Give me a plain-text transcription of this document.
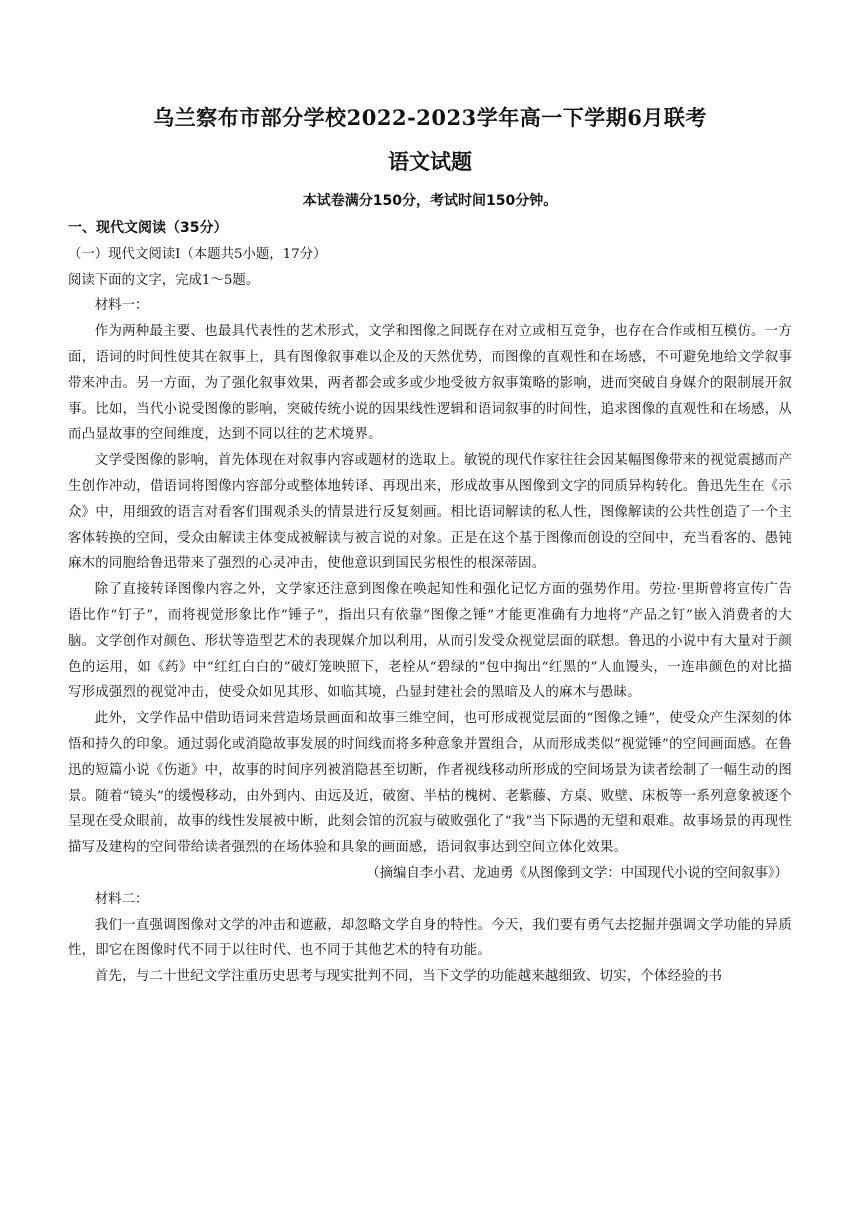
乌兰察布市部分学校2022-2023学年高一下学期6月联考
语文试题
本试卷满分150分，考试时间150分钟。

一、现代文阅读（35分）

（一）现代文阅读Ⅰ（本题共5小题，17分）

阅读下面的文字，完成1～5题。

材料一：

作为两种最主要、也最具代表性的艺术形式，文学和图像之间既存在对立或相互竞争，也存在合作或相互模仿。一方面，语词的时间性使其在叙事上，具有图像叙事难以企及的天然优势，而图像的直观性和在场感，不可避免地给文学叙事带来冲击。另一方面，为了强化叙事效果，两者都会或多或少地受彼方叙事策略的影响，进而突破自身媒介的限制展开叙事。比如，当代小说受图像的影响，突破传统小说的因果线性逻辑和语词叙事的时间性，追求图像的直观性和在场感，从而凸显故事的空间维度，达到不同以往的艺术境界。

文学受图像的影响，首先体现在对叙事内容或题材的选取上。敏锐的现代作家往往会因某幅图像带来的视觉震撼而产生创作冲动，借语词将图像内容部分或整体地转译、再现出来，形成故事从图像到文字的同质异构转化。鲁迅先生在《示众》中，用细致的语言对看客们围观杀头的情景进行反复刻画。相比语词解读的私人性，图像解读的公共性创造了一个主客体转换的空间，受众由解读主体变成被解读与被言说的对象。正是在这个基于图像而创设的空间中，充当看客的、愚钝麻木的同胞给鲁迅带来了强烈的心灵冲击，使他意识到国民劣根性的根深蒂固。

除了直接转译图像内容之外，文学家还注意到图像在唤起知性和强化记忆方面的强势作用。劳拉·里斯曾将宣传广告语比作“钉子”，而将视觉形象比作“锤子”，指出只有依靠“图像之锤”才能更准确有力地将“产品之钉”嵌入消费者的大脑。文学创作对颜色、形状等造型艺术的表现媒介加以利用，从而引发受众视觉层面的联想。鲁迅的小说中有大量对于颜色的运用，如《药》中“红红白白的”破灯笼映照下，老栓从“碧绿的”包中掏出“红黑的”人血馒头，一连串颜色的对比描写形成强烈的视觉冲击，使受众如见其形、如临其境，凸显封建社会的黑暗及人的麻木与愚昧。

此外，文学作品中借助语词来营造场景画面和故事三维空间，也可形成视觉层面的“图像之锤”，使受众产生深刻的体悟和持久的印象。通过弱化或消隐故事发展的时间线而将多种意象并置组合，从而形成类似“视觉锤”的空间画面感。在鲁迅的短篇小说《伤逝》中，故事的时间序列被消隐甚至切断，作者视线移动所形成的空间场景为读者绘制了一幅生动的图景。随着“镜头”的缓慢移动，由外到内、由远及近，破窗、半枯的槐树、老紫藤、方桌、败壁、床板等一系列意象被逐个呈现在受众眼前，故事的线性发展被中断，此刻会馆的沉寂与破败强化了“我”当下际遇的无望和艰难。故事场景的再现性描写及建构的空间带给读者强烈的在场体验和具象的画面感，语词叙事达到空间立体化效果。

（摘编自李小君、龙迪勇《从图像到文学：中国现代小说的空间叙事》）

材料二：

我们一直强调图像对文学的冲击和遮蔽，却忽略文学自身的特性。今天，我们要有勇气去挖掘并强调文学功能的异质性，即它在图像时代不同于以往时代、也不同于其他艺术的特有功能。

首先，与二十世纪文学注重历史思考与现实批判不同，当下文学的功能越来越细致、切实，个体经验的书
